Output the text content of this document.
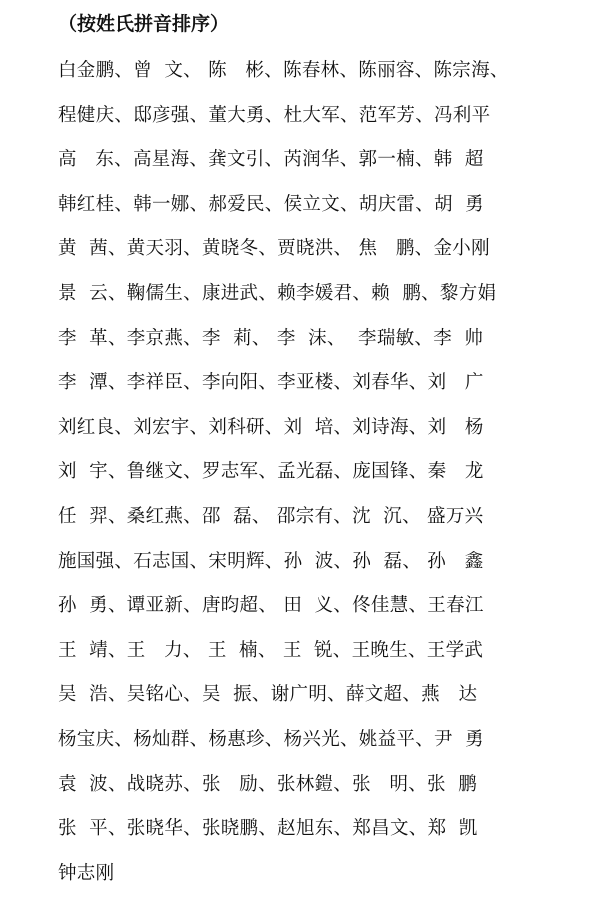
（按姓氏拼音排序）
白金鹏、曾  文、 陈   彬、陈春林、陈丽容、陈宗海、
程健庆、邸彦强、董大勇、杜大军、范军芳、冯利平
高   东、高星海、龚文引、芮润华、郭一楠、韩  超
韩红桂、韩一娜、郝爱民、侯立文、胡庆雷、胡  勇
黄  茜、黄天羽、黄晓冬、贾晓洪、 焦   鹏、金小刚
景  云、鞠儒生、康进武、赖李媛君、赖  鹏、黎方娟
李  革、李京燕、李  莉、 李  沫、  李瑞敏、李  帅
李  潭、李祥臣、李向阳、李亚楼、刘春华、刘   广
刘红良、刘宏宇、刘科研、刘  培、刘诗海、刘   杨
刘  宇、鲁继文、罗志军、孟光磊、庞国锋、秦   龙
任  羿、桑红燕、邵  磊、 邵宗有、沈  沉、 盛万兴
施国强、石志国、宋明辉、孙  波、孙  磊、 孙   鑫
孙  勇、谭亚新、唐昀超、 田  义、佟佳慧、王春江
王  靖、王   力、 王  楠、 王  锐、王晚生、王学武
吴  浩、吴铭心、吴  振、谢广明、薛文超、燕   达
杨宝庆、杨灿群、杨惠珍、杨兴光、姚益平、尹  勇
袁  波、战晓苏、张   励、张林鎧、张   明、张  鹏
张  平、张晓华、张晓鹏、赵旭东、郑昌文、郑  凯
钟志刚
